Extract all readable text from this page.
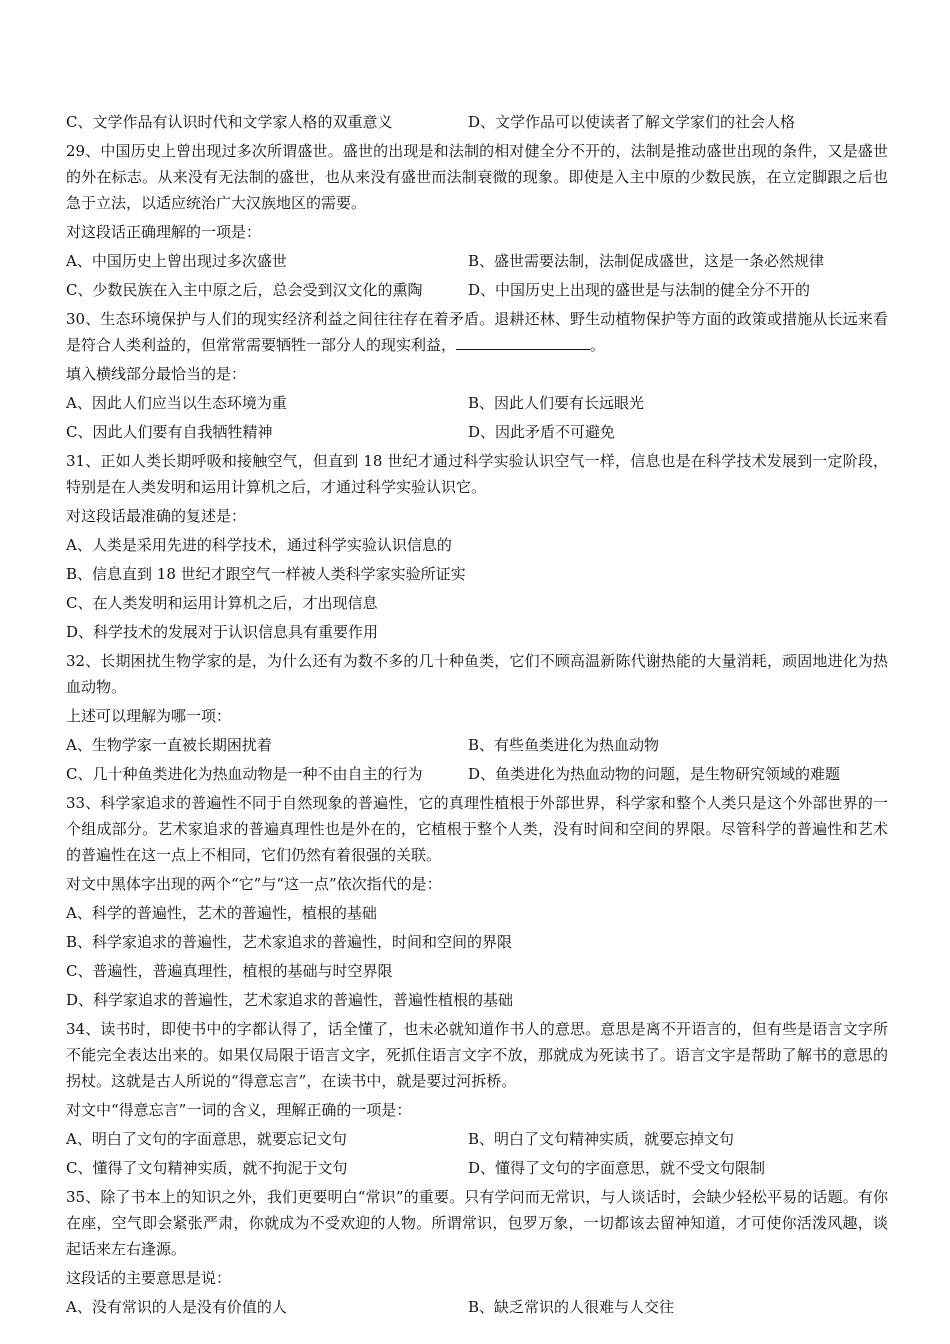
C、文学作品有认识时代和文学家人格的双重意义	D、文学作品可以使读者了解文学家们的社会人格
29、中国历史上曾出现过多次所谓盛世。盛世的出现是和法制的相对健全分不开的，法制是推动盛世出现的条件，又是盛世的外在标志。从来没有无法制的盛世，也从来没有盛世而法制衰微的现象。即使是入主中原的少数民族，在立定脚跟之后也急于立法，以适应统治广大汉族地区的需要。
对这段话正确理解的一项是：
A、中国历史上曾出现过多次盛世	B、盛世需要法制，法制促成盛世，这是一条必然规律
C、少数民族在入主中原之后，总会受到汉文化的熏陶	D、中国历史上出现的盛世是与法制的健全分不开的
30、生态环境保护与人们的现实经济利益之间往往存在着矛盾。退耕还林、野生动植物保护等方面的政策或措施从长远来看是符合人类利益的，但常常需要牺牲一部分人的现实利益，	。
填入横线部分最恰当的是：
A、因此人们应当以生态环境为重	B、因此人们要有长远眼光
C、因此人们要有自我牺牲精神	D、因此矛盾不可避免
31、正如人类长期呼吸和接触空气，但直到 18 世纪才通过科学实验认识空气一样，信息也是在科学技术发展到一定阶段，特别是在人类发明和运用计算机之后，才通过科学实验认识它。
对这段话最准确的复述是：
A、人类是采用先进的科学技术，通过科学实验认识信息的
B、信息直到 18 世纪才跟空气一样被人类科学家实验所证实
C、在人类发明和运用计算机之后，才出现信息
D、科学技术的发展对于认识信息具有重要作用
32、长期困扰生物学家的是，为什么还有为数不多的几十种鱼类，它们不顾高温新陈代谢热能的大量消耗，顽固地进化为热血动物。
上述可以理解为哪一项：
A、生物学家一直被长期困扰着	B、有些鱼类进化为热血动物
C、几十种鱼类进化为热血动物是一种不由自主的行为	D、鱼类进化为热血动物的问题，是生物研究领域的难题
33、科学家追求的普遍性不同于自然现象的普遍性，它的真理性植根于外部世界，科学家和整个人类只是这个外部世界的一个组成部分。艺术家追求的普遍真理性也是外在的，它植根于整个人类，没有时间和空间的界限。尽管科学的普遍性和艺术的普遍性在这一点上不相同，它们仍然有着很强的关联。
对文中黑体字出现的两个“它”与“这一点”依次指代的是：
A、科学的普遍性，艺术的普遍性，植根的基础
B、科学家追求的普遍性，艺术家追求的普遍性，时间和空间的界限
C、普遍性，普遍真理性，植根的基础与时空界限
D、科学家追求的普遍性，艺术家追求的普遍性，普遍性植根的基础
34、读书时，即使书中的字都认得了，话全懂了，也未必就知道作书人的意思。意思是离不开语言的，但有些是语言文字所不能完全表达出来的。如果仅局限于语言文字，死抓住语言文字不放，那就成为死读书了。语言文字是帮助了解书的意思的拐杖。这就是古人所说的“得意忘言”，在读书中，就是要过河拆桥。
对文中“得意忘言”一词的含义，理解正确的一项是：
A、明白了文句的字面意思，就要忘记文句	B、明白了文句精神实质，就要忘掉文句
C、懂得了文句精神实质，就不拘泥于文句	D、懂得了文句的字面意思，就不受文句限制
35、除了书本上的知识之外，我们更要明白“常识”的重要。只有学问而无常识，与人谈话时，会缺少轻松平易的话题。有你在座，空气即会紧张严肃，你就成为不受欢迎的人物。所谓常识，包罗万象，一切都该去留神知道，才可使你活泼风趣，谈起话来左右逢源。
这段话的主要意思是说：
A、没有常识的人是没有价值的人	B、缺乏常识的人很难与人交往
